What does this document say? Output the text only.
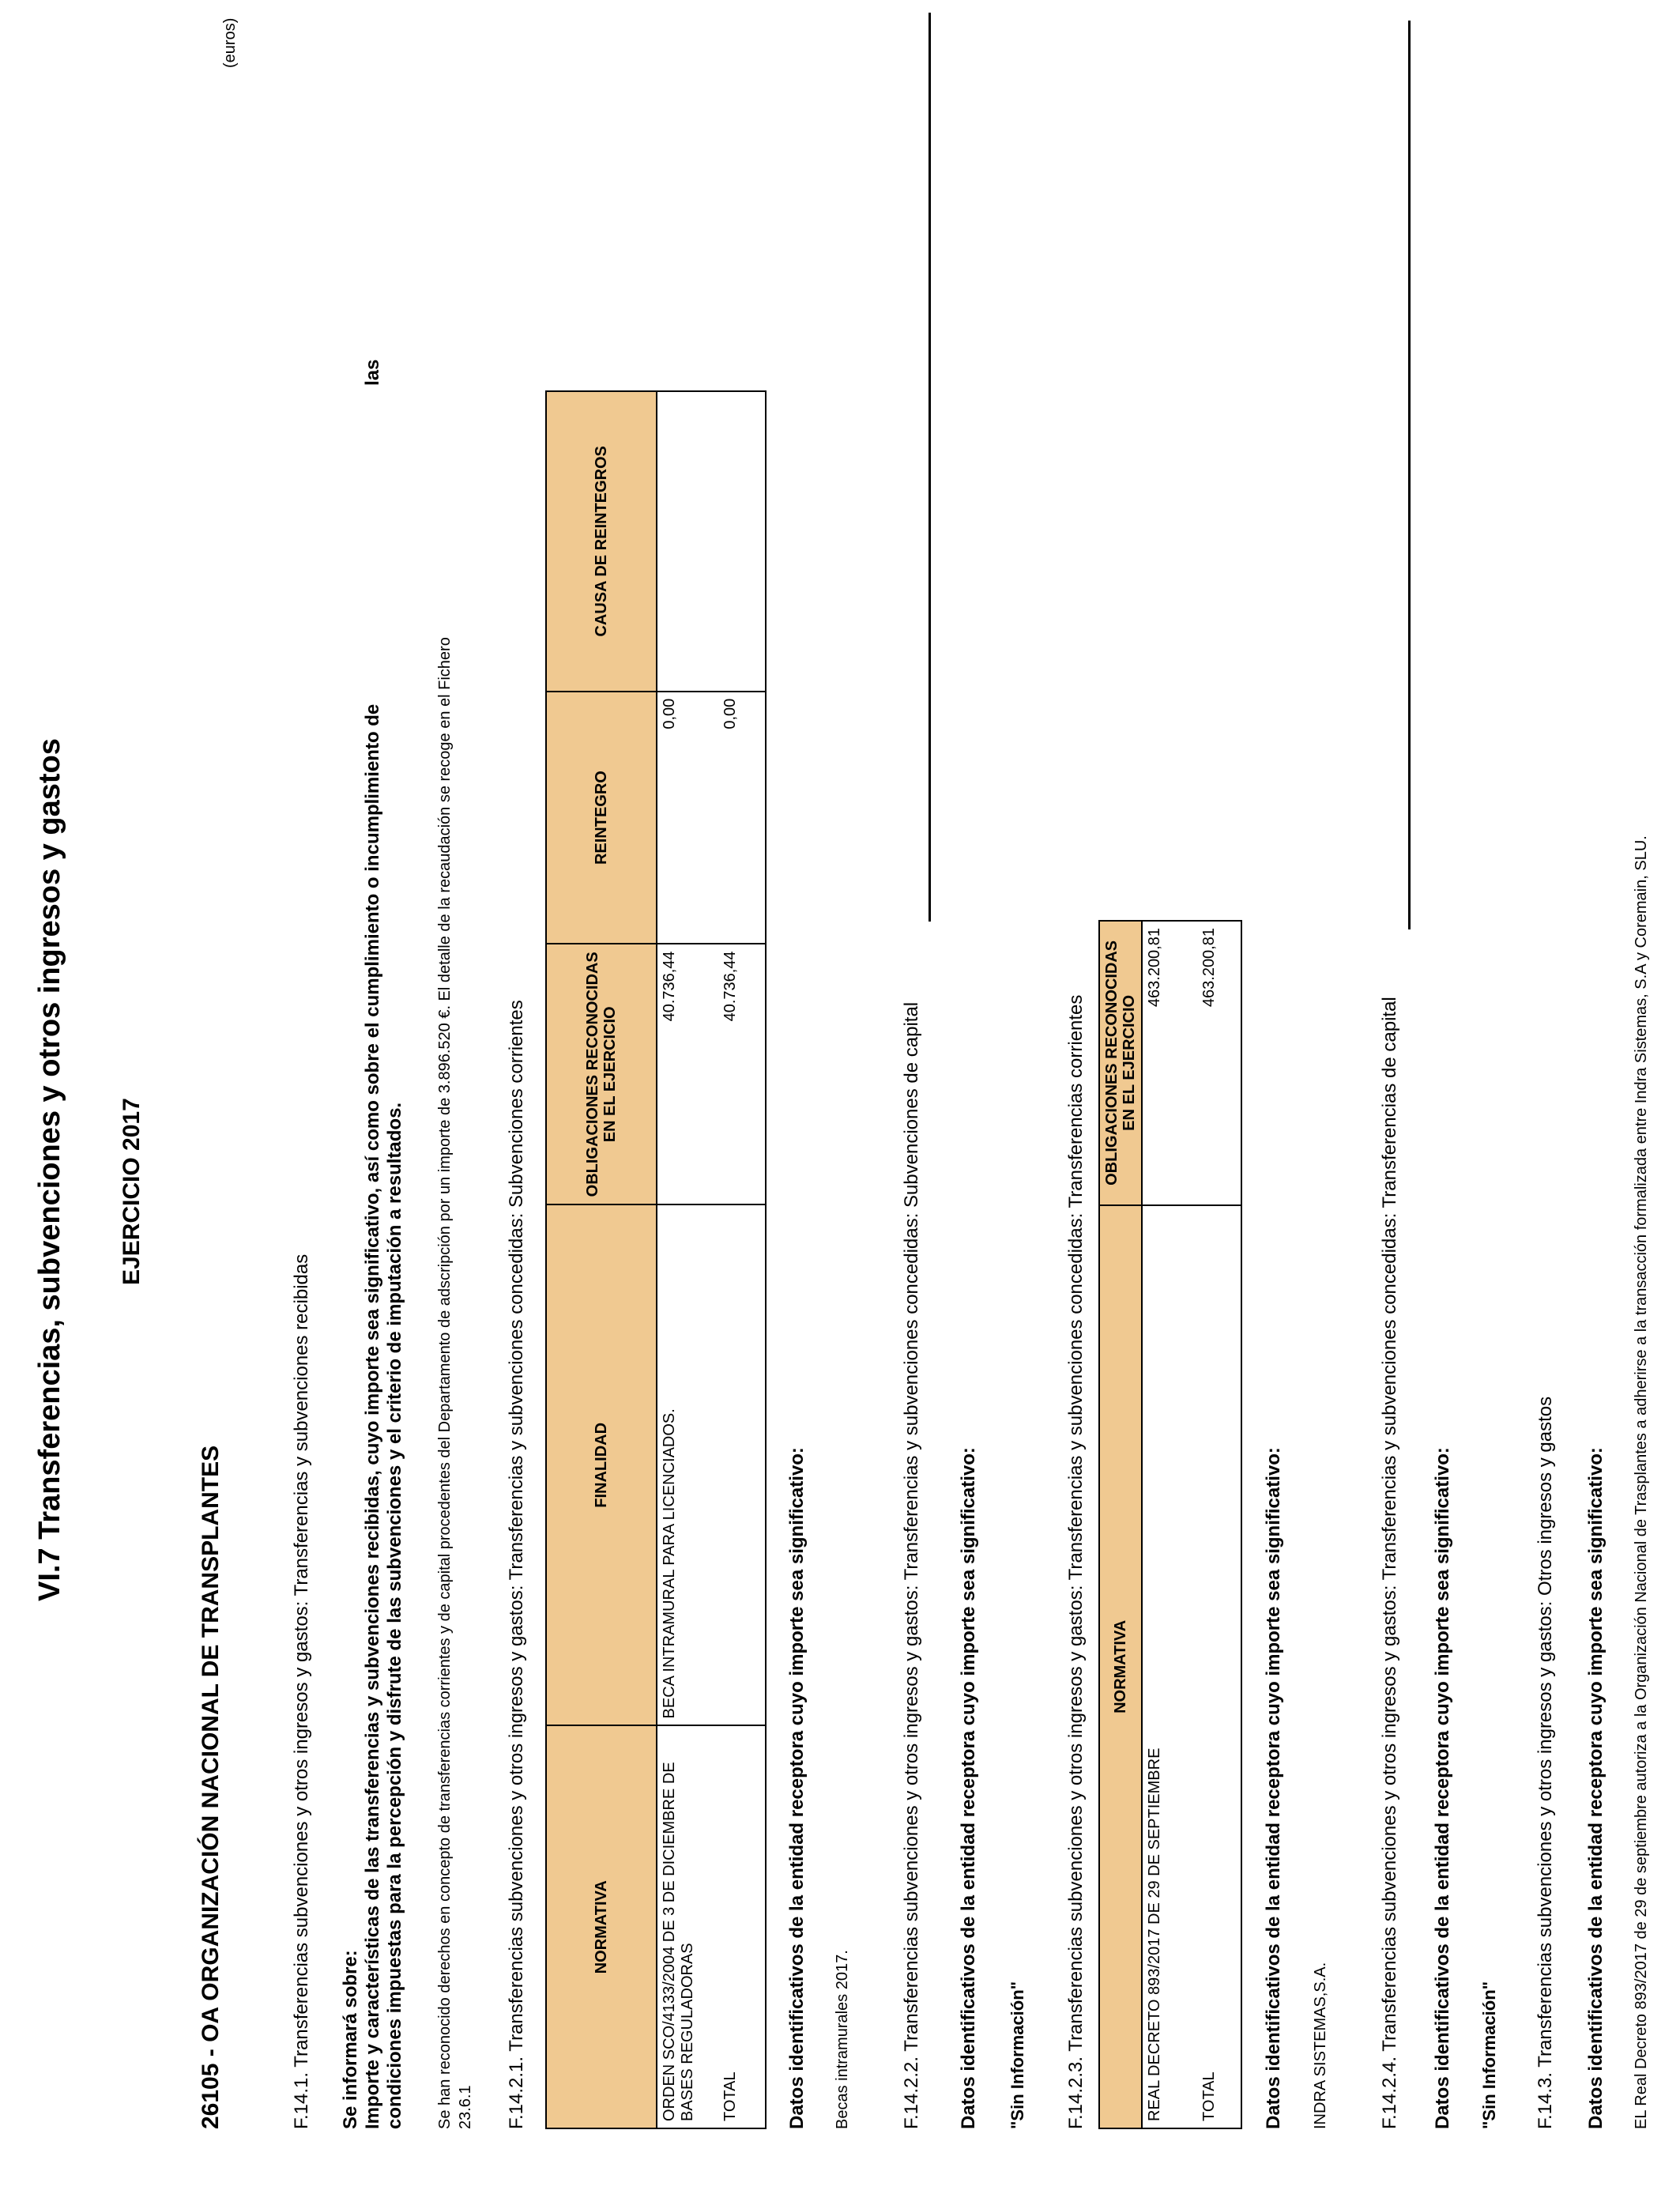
VI.7 Transferencias, subvenciones y otros ingresos y gastos EJERCICIO 2017
(euros)
26105 - OA ORGANIZACIÓN NACIONAL DE TRANSPLANTES	F.14.1. Transferencias subvenciones y otros ingresos y gastos: Transferencias y subvenciones recibidas Se informará sobre: Importe y características de las transferencias y subvenciones recibidas, cuyo importe sea significativo, así como sobre el cumplimiento o incumplimiento de
las
condiciones impuestas para la percepción y disfrute de las subvenciones y el criterio de imputación a resultados. Se han reconocido derechos en concepto de transferencias corrientes y de capital procedentes del Departamento de adscripción por un importe de 3.896.520 €. El detalle de la recaudación se recoge en el Fichero 23.6.1 F.14.2.1. Transferencias subvenciones y otros ingresos y gastos: Transferencias y subvenciones concedidas: Subvenciones corrientes	NORMATIVA	FINALIDAD	OBLIGACIONES RECONOCIDAS EN EL EJERCICIO	REINTEGRO	CAUSA DE REINTEGROS
ORDEN SCO/4133/2004 DE 3 DE DICIEMBRE DE BASES REGULADORAS	BECA INTRAMURAL PARA LICENCIADOS.	40.736,44	0,00	
TOTAL		40.736,44	0,00	
Datos identificativos de la entidad receptora cuyo importe sea significativo: Becas intramurales 2017.	F.14.2.2. Transferencias subvenciones y otros ingresos y gastos: Transferencias y subvenciones concedidas: Subvenciones de capital Datos identificativos de la entidad receptora cuyo importe sea significativo: "Sin Información" F.14.2.3. Transferencias subvenciones y otros ingresos y gastos: Transferencias y subvenciones concedidas: Transferencias corrientes NORMATIVA	OBLIGACIONES RECONOCIDAS EN EL EJERCICIO
REAL DECRETO 893/2017 DE 29 DE SEPTIEMBRE	463.200,81
TOTAL	463.200,81
Datos identificativos de la entidad receptora cuyo importe sea significativo: INDRA SISTEMAS,S.A.	F.14.2.4. Transferencias subvenciones y otros ingresos y gastos: Transferencias y subvenciones concedidas: Transferencias de capital Datos identificativos de la entidad receptora cuyo importe sea significativo: "Sin Información" F.14.3. Transferencias subvenciones y otros ingresos y gastos: Otros ingresos y gastos Datos identificativos de la entidad receptora cuyo importe sea significativo: EL Real Decreto 893/2017 de 29 de septiembre autoriza a la Organización Nacional de Trasplantes a adherirse a la transacción formalizada entre Indra Sistemas, S.A y Coremain, SLU.
